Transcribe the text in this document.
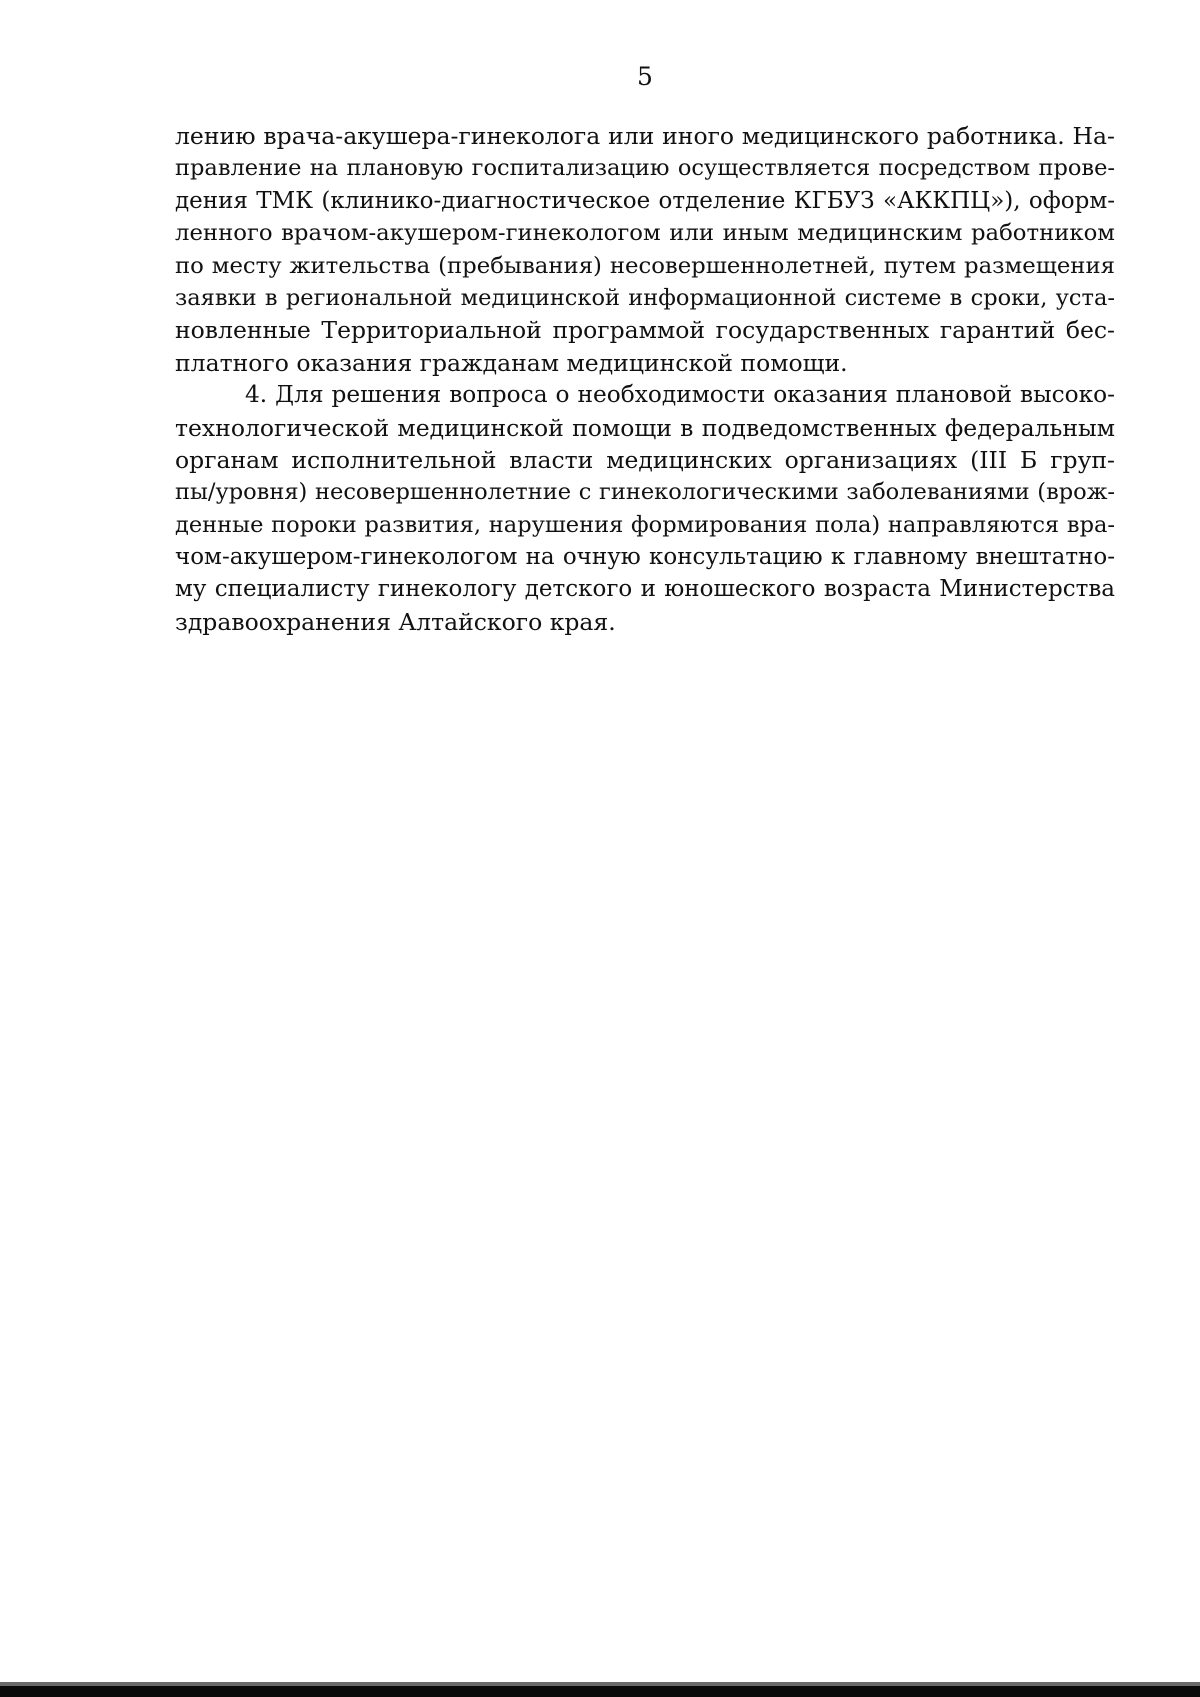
5
лению врача-акушера-гинеколога или иного медицинского работника. На-
правление на плановую госпитализацию осуществляется посредством прове-
дения ТМК (клинико-диагностическое отделение КГБУЗ «АККПЦ»), оформ-
ленного врачом-акушером-гинекологом или иным медицинским работником
по месту жительства (пребывания) несовершеннолетней, путем размещения
заявки в региональной медицинской информационной системе в сроки, уста-
новленные Территориальной программой государственных гарантий бес-
платного оказания гражданам медицинской помощи.
4. Для решения вопроса о необходимости оказания плановой высоко-
технологической медицинской помощи в подведомственных федеральным
органам исполнительной власти медицинских организациях (III Б груп-
пы/уровня) несовершеннолетние с гинекологическими заболеваниями (врож-
денные пороки развития, нарушения формирования пола) направляются вра-
чом-акушером-гинекологом на очную консультацию к главному внештатно-
му специалисту гинекологу детского и юношеского возраста Министерства
здравоохранения Алтайского края.
